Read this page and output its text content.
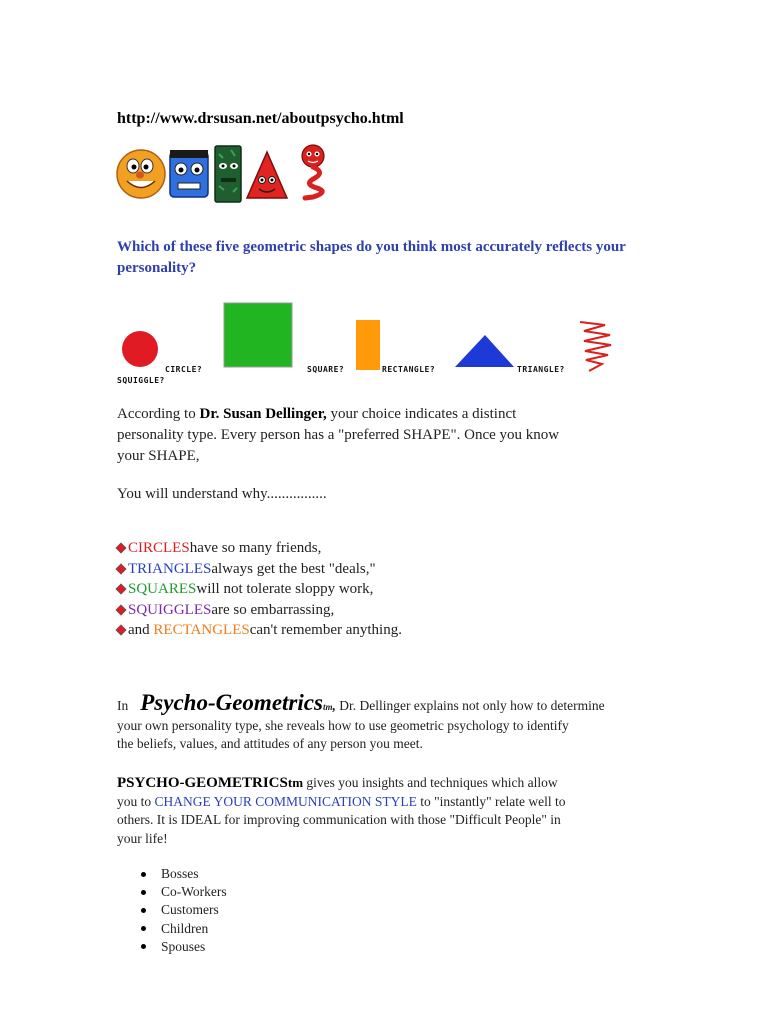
http://www.drsusan.net/aboutpsycho.html
Which of these five geometric shapes do you think most accurately reflects your personality?
CIRCLE?	SQUARE?	RECTANGLE?	TRIANGLE?
SQUIGGLE?
According to Dr. Susan Dellinger, your choice indicates a distinct
personality type. Every person has a "preferred SHAPE". Once you know
your SHAPE,
You will understand why................
CIRCLES have so many friends,
TRIANGLES always get the best "deals,"
SQUARES will not tolerate sloppy work,
SQUIGGLES are so embarrassing,
and RECTANGLES can't remember anything.
In Psycho-Geometrics tm , Dr. Dellinger explains not only how to determine
your own personality type, she reveals how to use geometric psychology to identify
the beliefs, values, and attitudes of any person you meet.
PSYCHO-GEOMETRICStm gives you insights and techniques which allow
you to CHANGE YOUR COMMUNICATION STYLE to "instantly" relate well to
others. It is IDEAL for improving communication with those "Difficult People" in
your life!
Bosses
Co-Workers
Customers
Children
Spouses
